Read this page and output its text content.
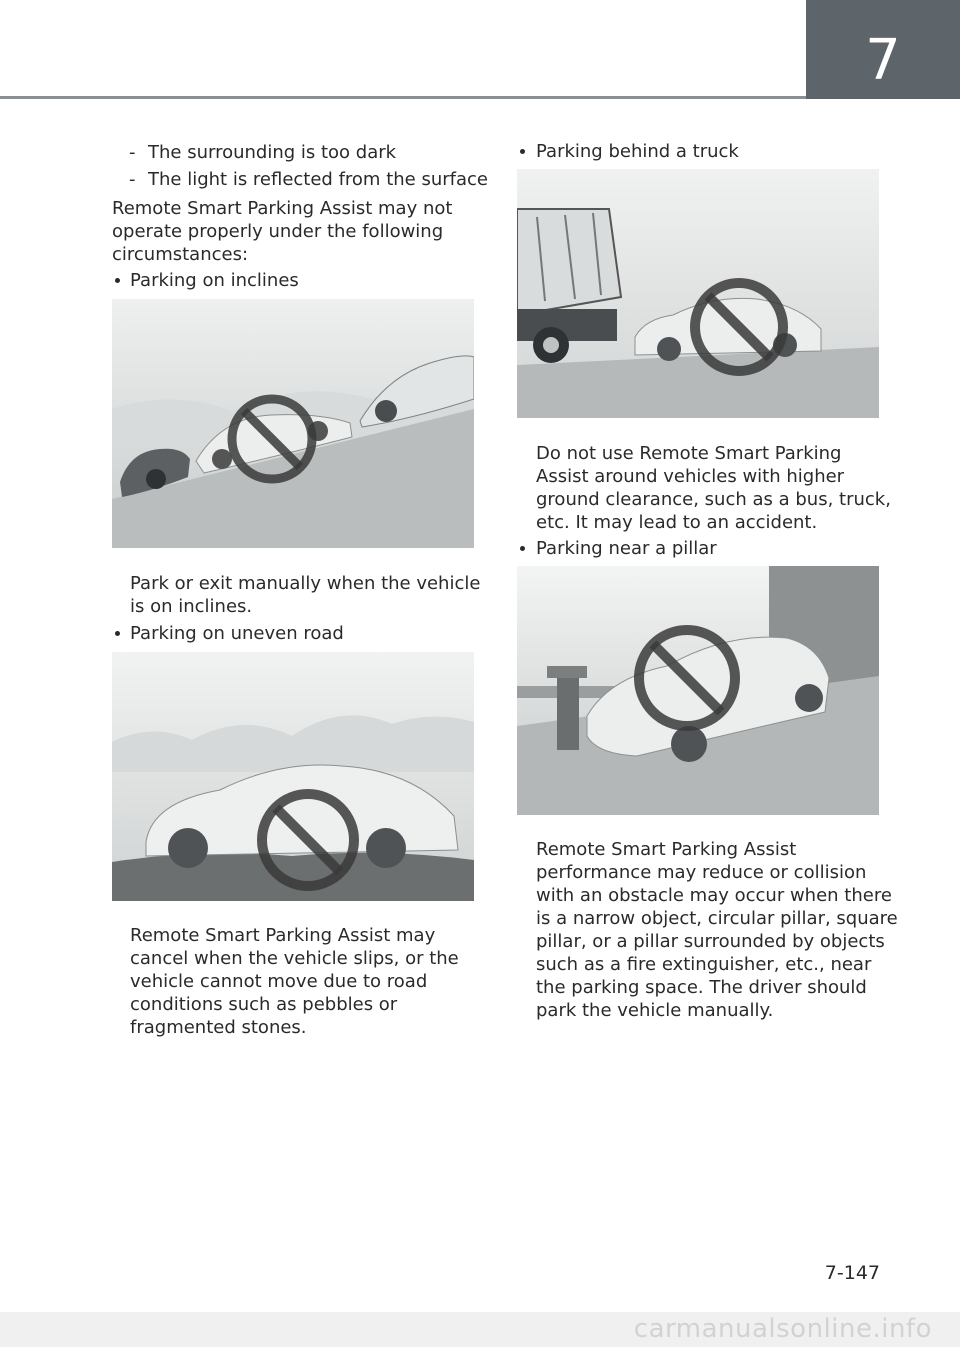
7
- The surrounding is too dark
- The light is reflected from the surface
Remote Smart Parking Assist may not
operate properly under the following
circumstances:
Parking on inclines
Park or exit manually when the vehicle
is on inclines.
Parking on uneven road
Remote Smart Parking Assist may
cancel when the vehicle slips, or the
vehicle cannot move due to road
conditions such as pebbles or
fragmented stones.
Parking behind a truck
Do not use Remote Smart Parking
Assist around vehicles with higher
ground clearance, such as a bus, truck,
etc. It may lead to an accident.
Parking near a pillar
Remote Smart Parking Assist
performance may reduce or collision
with an obstacle may occur when there
is a narrow object, circular pillar, square
pillar, or a pillar surrounded by objects
such as a fire extinguisher, etc., near
the parking space. The driver should
park the vehicle manually.
7-147
carmanualsonline.info
